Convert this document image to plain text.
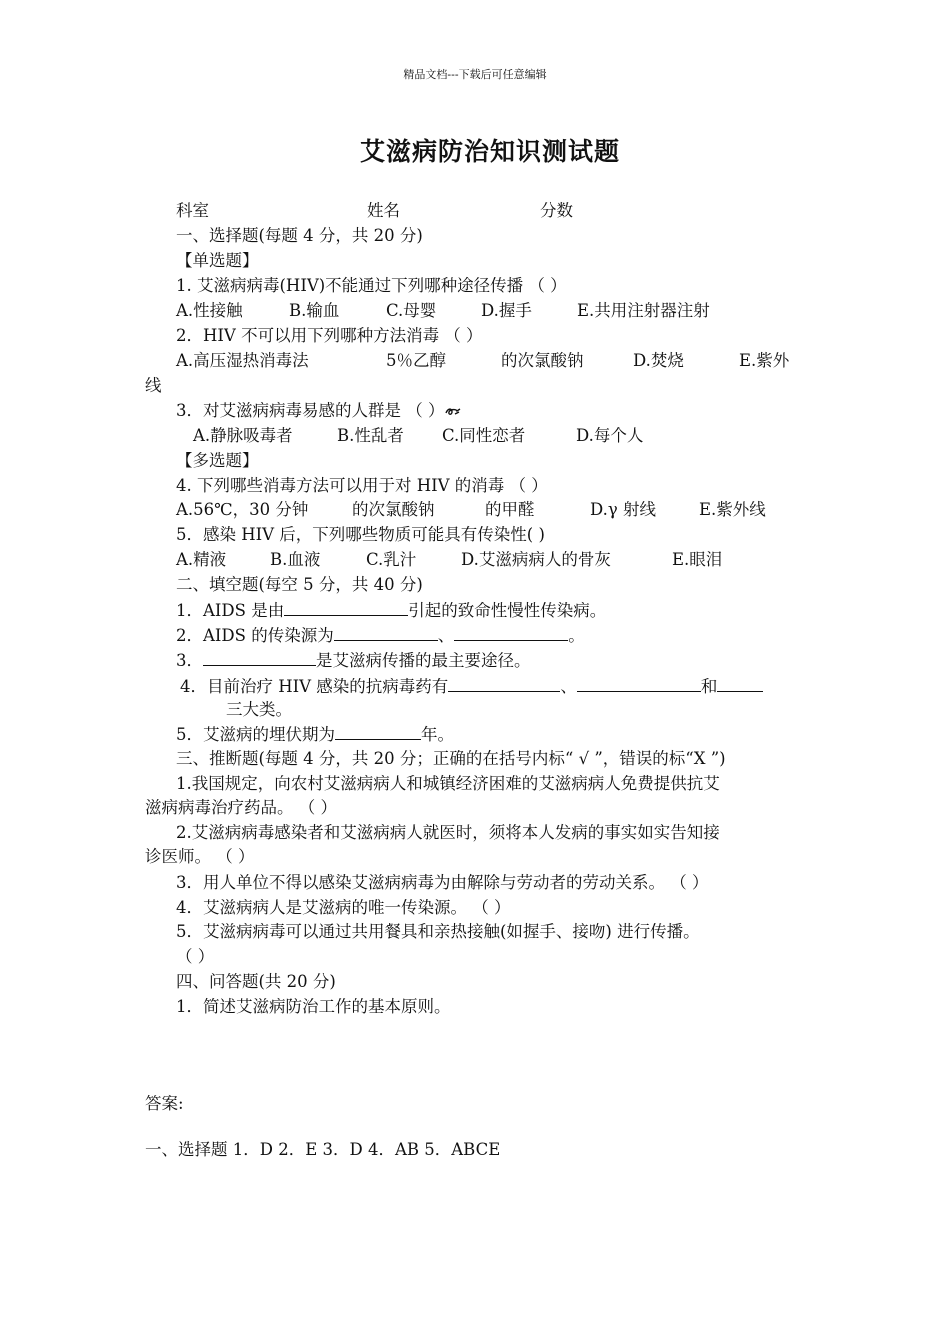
精品文档---下载后可任意编辑
艾滋病防治知识测试题
科室	姓名	分数
一、选择题(每题 4 分，共 20 分)
【单选题】
1. 艾滋病病毒(HIV)不能通过下列哪种途径传播 （ ）
A.性接触	B.输血	C.母婴	D.握手	E.共用注射器注射
2．HIV 不可以用下列哪种方法消毒 （ ）
A.高压湿热消毒法	5％乙醇	的次氯酸钠	D.焚烧	E.紫外
线
3．对艾滋病病毒易感的人群是 （ ）
A.静脉吸毒者	B.性乱者 C.同性恋者	D.每个人
【多选题】
4. 下列哪些消毒方法可以用于对 HIV 的消毒 （ ）
A.56℃，30 分钟	的次氯酸钠	的甲醛	D.γ 射线	E.紫外线
5．感染 HIV 后，下列哪些物质可能具有传染性( )
A.精液	B.血液	C.乳汁	D.艾滋病病人的骨灰	E.眼泪
二、填空题(每空 5 分，共 40 分)
1．AIDS 是由	引起的致命性慢性传染病。
2．AIDS 的传染源为	、	。
3．	是艾滋病传播的最主要途径。
4．目前治疗 HIV 感染的抗病毒药有	、	和
三大类。
5．艾滋病的埋伏期为	年。
三、推断题(每题 4 分，共 20 分；正确的在括号内标“ √ ”，错误的标“X ”)
1.我国规定，向农村艾滋病病人和城镇经济困难的艾滋病病人免费提供抗艾
滋病病毒治疗药品。 （ ）
2.艾滋病病毒感染者和艾滋病病人就医时，须将本人发病的事实如实告知接
诊医师。 （ ）
3．用人单位不得以感染艾滋病病毒为由解除与劳动者的劳动关系。 （ ）
4．艾滋病病人是艾滋病的唯一传染源。 （ ）
5．艾滋病病毒可以通过共用餐具和亲热接触(如握手、接吻) 进行传播。
（ ）
四、问答题(共 20 分)
1．简述艾滋病防治工作的基本原则。
答案:
一、选择题 1．D 2．E 3．D 4．AB 5．ABCE
